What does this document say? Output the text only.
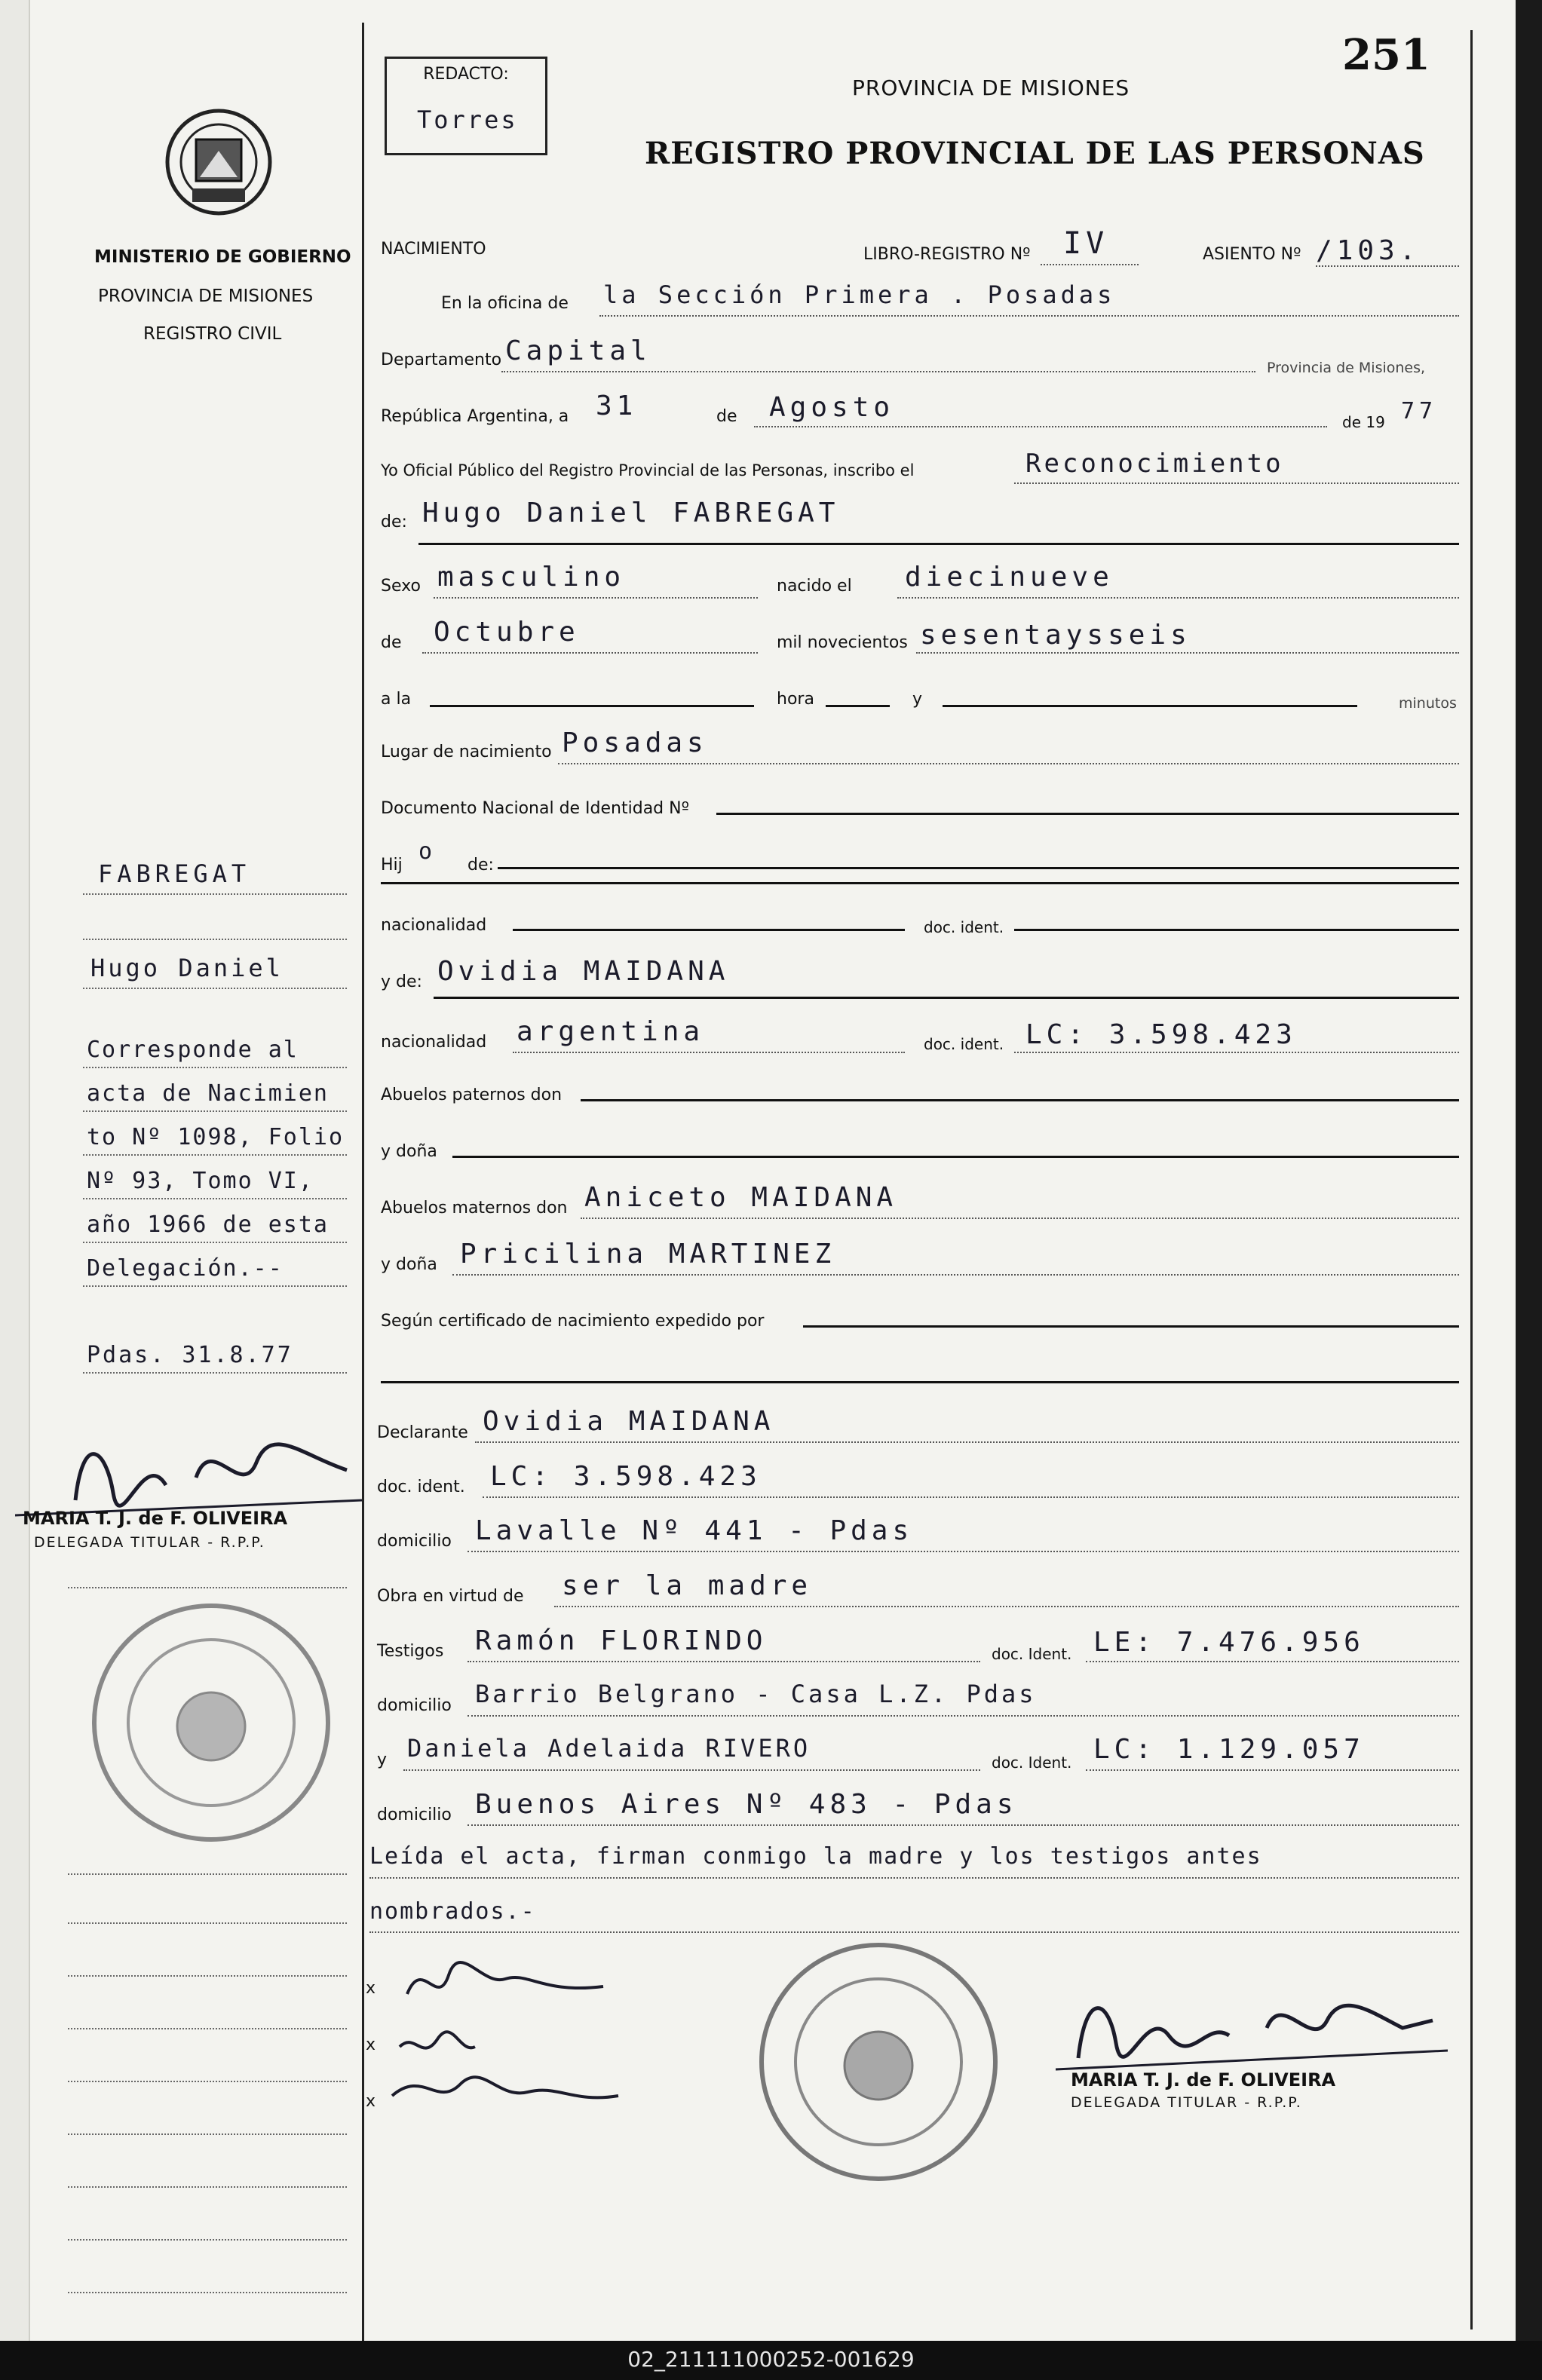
251
REDACTO:
Torres
PROVINCIA DE MISIONES
REGISTRO PROVINCIAL DE LAS PERSONAS
MINISTERIO DE GOBIERNO
PROVINCIA DE MISIONES
REGISTRO CIVIL
NACIMIENTO	LIBRO-REGISTRO Nº IV	ASIENTO Nº /103.
En la oficina de la Sección Primera . Posadas
Departamento Capital
Provincia de Misiones,
República Argentina, a 31	de Agosto	de 19 77
Yo Oficial Público del Registro Provincial de las Personas, inscribo el	Reconocimiento
de: Hugo Daniel FABREGAT
Sexo masculino	nacido el diecinueve
de Octubre	mil novecientos sesentaysseis
a la	hora	y	minutos
Lugar de nacimiento Posadas
Documento Nacional de Identidad Nº
Hij
o
de:
nacionalidad	doc. ident.
y de: Ovidia MAIDANA
nacionalidad argentina	doc. ident. LC: 3.598.423
Abuelos paternos don
y doña
Abuelos maternos don Aniceto MAIDANA
y doña Pricilina MARTINEZ
Según certificado de nacimiento expedido por
Declarante Ovidia MAIDANA
doc. ident. LC: 3.598.423
domicilio Lavalle Nº 441 - Pdas
Obra en virtud de ser la madre
Testigos Ramón FLORINDO	doc. Ident. LE: 7.476.956
domicilio Barrio Belgrano - Casa L.Z. Pdas
y Daniela Adelaida RIVERO	doc. Ident. LC: 1.129.057
domicilio Buenos Aires Nº 483 - Pdas
Leída el acta, firman conmigo la madre y los testigos antes
nombrados.-
x
x
x
MARIA T. J. de F. OLIVEIRA
DELEGADA TITULAR - R.P.P.
FABREGAT
Hugo Daniel
Corresponde al
acta de Nacimien
to Nº 1098, Folio
Nº 93, Tomo VI,
año 1966 de esta
Delegación.--
Pdas. 31.8.77
MARIA T. J. de F. OLIVEIRA
DELEGADA TITULAR - R.P.P.
02_211111000252-001629
